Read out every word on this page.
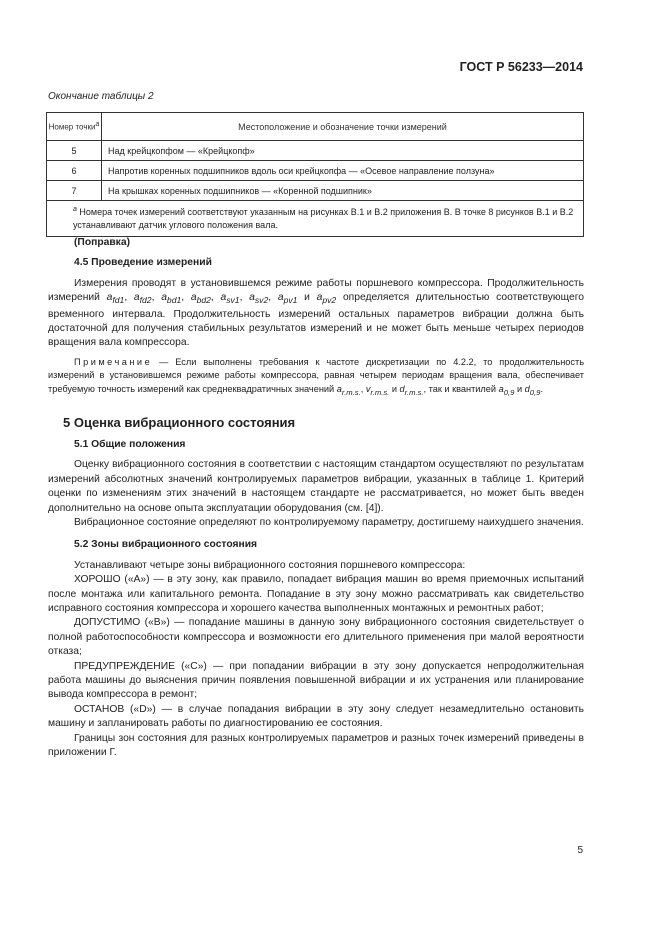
ГОСТ Р 56233—2014
Окончание таблицы 2
Номер точки$^a$	Местоположение и обозначение точки измерений
5	Над крейцкопфом — «Крейцкопф»
6	Напротив коренных подшипников вдоль оси крейцкопфа — «Осевое направление ползуна»
7	На крышках коренных подшипников — «Коренной подшипник»
$^a$ Номера точек измерений соответствуют указанным на рисунках В.1 и В.2 приложения В. В точке 8 рисунков В.1 и В.2 устанавливают датчик углового положения вала.	

(Поправка)

4.5 Проведение измерений

Измерения проводят в установившемся режиме работы поршневого компрессора. Продолжительность измерений $a_{fd1}$, $a_{fd2}$, $a_{bd1}$, $a_{bd2}$, $a_{sv1}$, $a_{sv2}$, $a_{pv1}$ и $a_{pv2}$ определяется длительностью соответствующего временного интервала. Продолжительность измерений остальных параметров вибрации должна быть достаточной для получения стабильных результатов измерений и не может быть меньше четырех периодов вращения вала компрессора.

Примечание — Если выполнены требования к частоте дискретизации по 4.2.2, то продолжительность измерений в установившемся режиме работы компрессора, равная четырем периодам вращения вала, обеспечивает требуемую точность измерений как среднеквадратичных значений $a_{r.m.s.}$, $v_{r.m.s.}$ и $d_{r.m.s.}$, так и квантилей $a_{0,9}$ и $d_{0,9}$.

5 Оценка вибрационного состояния

5.1 Общие положения

Оценку вибрационного состояния в соответствии с настоящим стандартом осуществляют по результатам измерений абсолютных значений контролируемых параметров вибрации, указанных в таблице 1. Критерий оценки по изменениям этих значений в настоящем стандарте не рассматривается, но может быть введен дополнительно на основе опыта эксплуатации оборудования (см. [4]).

Вибрационное состояние определяют по контролируемому параметру, достигшему наихудшего значения.

5.2 Зоны вибрационного состояния

Устанавливают четыре зоны вибрационного состояния поршневого компрессора:

ХОРОШО («А») — в эту зону, как правило, попадает вибрация машин во время приемочных испытаний после монтажа или капитального ремонта. Попадание в эту зону можно рассматривать как свидетельство исправного состояния компрессора и хорошего качества выполненных монтажных и ремонтных работ;

ДОПУСТИМО («В») — попадание машины в данную зону вибрационного состояния свидетельствует о полной работоспособности компрессора и возможности его длительного применения при малой вероятности отказа;

ПРЕДУПРЕЖДЕНИЕ («С») — при попадании вибрации в эту зону допускается непродолжительная работа машины до выяснения причин появления повышенной вибрации и их устранения или планирование вывода компрессора в ремонт;

ОСТАНОВ («D») — в случае попадания вибрации в эту зону следует незамедлительно остановить машину и запланировать работы по диагностированию ее состояния.

Границы зон состояния для разных контролируемых параметров и разных точек измерений приведены в приложении Г.

5
